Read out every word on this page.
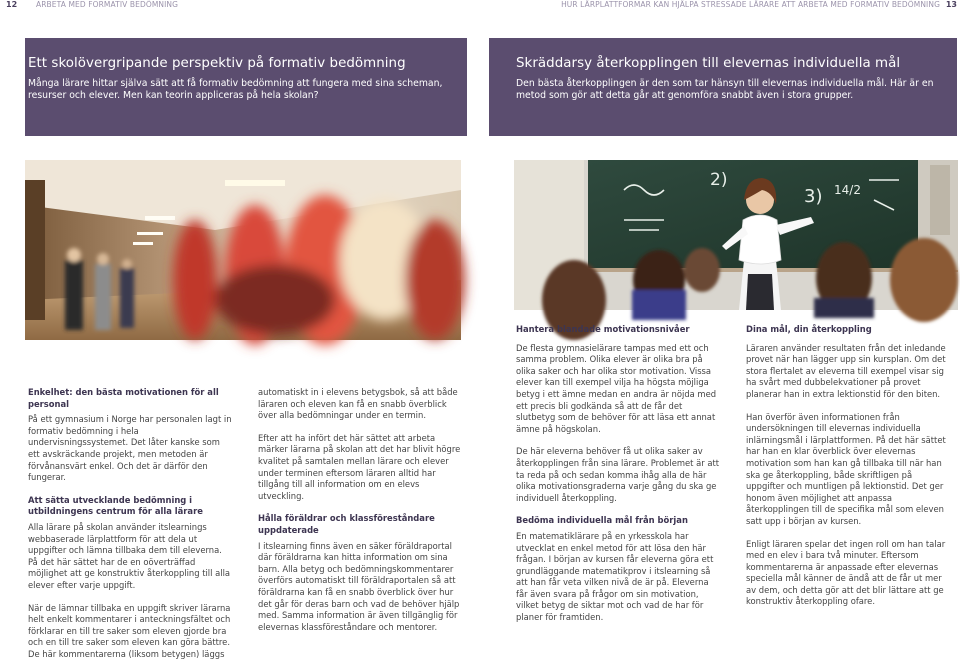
12	ARBETA MED FORMATIV BEDÖMNING	HUR LÄRPLATTFORMAR KAN HJÄLPA STRESSADE LÄRARE ATT ARBETA MED FORMATIV BEDÖMNING 13
Ett skolövergripande perspektiv på formativ bedömning

Många lärare hittar själva sätt att få formativ bedömning att fungera med sina scheman, resurser och elever. Men kan teorin appliceras på hela skolan?

Skräddarsy återkopplingen till elevernas individuella mål

Den bästa återkopplingen är den som tar hänsyn till elevernas individuella mål. Här är en metod som gör att detta går att genomföra snabbt även i stora grupper.

2)
3) 14/2
Enkelhet: den bästa motivationen för all personal

På ett gymnasium i Norge har personalen lagt in formativ bedömning i hela undervisningssystemet. Det låter kanske som ett avskräckande projekt, men metoden är förvånansvärt enkel. Och det är därför den fungerar.

Att sätta utvecklande bedömning i utbildningens centrum för alla lärare

Alla lärare på skolan använder itslearnings webbaserade lärplattform för att dela ut uppgifter och lämna tillbaka dem till eleverna. På det här sättet har de en oöverträffad möjlighet att ge konstruktiv återkoppling till alla elever efter varje uppgift.

När de lämnar tillbaka en uppgift skriver lärarna helt enkelt kommentarer i anteckningsfältet och förklarar en till tre saker som eleven gjorde bra och en till tre saker som eleven kan göra bättre. De här kommentarerna (liksom betygen) läggs

automatiskt in i elevens betygsbok, så att både läraren och eleven kan få en snabb överblick över alla bedömningar under en termin.

Efter att ha infört det här sättet att arbeta märker lärarna på skolan att det har blivit högre kvalitet på samtalen mellan lärare och elever under terminen eftersom läraren alltid har tillgång till all information om en elevs utveckling.

Hålla föräldrar och klassföreståndare uppdaterade

I itslearning finns även en säker föräldraportal där föräldrarna kan hitta information om sina barn. Alla betyg och bedömningskommentarer överförs automatiskt till föräldraportalen så att föräldrarna kan få en snabb överblick över hur det går för deras barn och vad de behöver hjälp med. Samma information är även tillgänglig för elevernas klassföreståndare och mentorer.

Hantera blandade motivationsnivåer

De flesta gymnasielärare tampas med ett och samma problem. Olika elever är olika bra på olika saker och har olika stor motivation. Vissa elever kan till exempel vilja ha högsta möjliga betyg i ett ämne medan en andra är nöjda med ett precis bli godkända så att de får det slutbetyg som de behöver för att läsa ett annat ämne på högskolan.

De här eleverna behöver få ut olika saker av återkopplingen från sina lärare. Problemet är att ta reda på och sedan komma ihåg alla de här olika motivationsgraderna varje gång du ska ge individuell återkoppling.

Bedöma individuella mål från början

En matematiklärare på en yrkesskola har utvecklat en enkel metod för att lösa den här frågan. I början av kursen får eleverna göra ett grundläggande matematikprov i itslearning så att han får veta vilken nivå de är på. Eleverna får även svara på frågor om sin motivation, vilket betyg de siktar mot och vad de har för planer för framtiden.

Dina mål, din återkoppling

Läraren använder resultaten från det inledande provet när han lägger upp sin kursplan. Om det stora flertalet av eleverna till exempel visar sig ha svårt med dubbelekvationer på provet planerar han in extra lektionstid för den biten.

Han överför även informationen från undersökningen till elevernas individuella inlärningsmål i lärplattformen. På det här sättet har han en klar överblick över elevernas motivation som han kan gå tillbaka till när han ska ge återkoppling, både skriftligen på uppgifter och muntligen på lektionstid. Det ger honom även möjlighet att anpassa återkopplingen till de specifika mål som eleven satt upp i början av kursen.

Enligt läraren spelar det ingen roll om han talar med en elev i bara två minuter. Eftersom kommentarerna är anpassade efter elevernas speciella mål känner de ändå att de får ut mer av dem, och detta gör att det blir lättare att ge konstruktiv återkoppling ofare.
